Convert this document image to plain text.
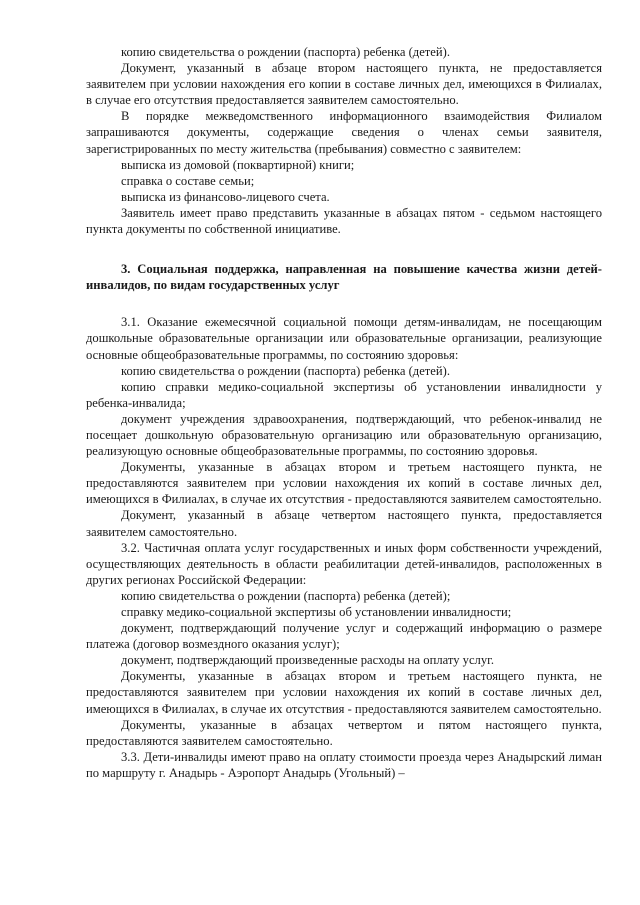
копию свидетельства о рождении (паспорта) ребенка (детей).

Документ, указанный в абзаце втором настоящего пункта, не предоставляется заявителем при условии нахождения его копии в составе личных дел, имеющихся в Филиалах, в случае его отсутствия предоставляется заявителем самостоятельно.

В порядке межведомственного информационного взаимодействия Филиалом запрашиваются документы, содержащие сведения о членах семьи заявителя, зарегистрированных по месту жительства (пребывания) совместно с заявителем:

выписка из домовой (поквартирной) книги;

справка о составе семьи;

выписка из финансово-лицевого счета.

Заявитель имеет право представить указанные в абзацах пятом - седьмом настоящего пункта документы по собственной инициативе.

3. Социальная поддержка, направленная на повышение качества жизни детей-инвалидов, по видам государственных услуг

3.1. Оказание ежемесячной социальной помощи детям-инвалидам, не посещающим дошкольные образовательные организации или образовательные организации, реализующие основные общеобразовательные программы, по состоянию здоровья:

копию свидетельства о рождении (паспорта) ребенка (детей).

копию справки медико-социальной экспертизы об установлении инвалидности у ребенка-инвалида;

документ учреждения здравоохранения, подтверждающий, что ребенок-инвалид не посещает дошкольную образовательную организацию или образовательную организацию, реализующую основные общеобразовательные программы, по состоянию здоровья.

Документы, указанные в абзацах втором и третьем настоящего пункта, не предоставляются заявителем при условии нахождения их копий в составе личных дел, имеющихся в Филиалах, в случае их отсутствия - предоставляются заявителем самостоятельно.

Документ, указанный в абзаце четвертом настоящего пункта, предоставляется заявителем самостоятельно.

3.2. Частичная оплата услуг государственных и иных форм собственности учреждений, осуществляющих деятельность в области реабилитации детей-инвалидов, расположенных в других регионах Российской Федерации:

копию свидетельства о рождении (паспорта) ребенка (детей);

справку медико-социальной экспертизы об установлении инвалидности;

документ, подтверждающий получение услуг и содержащий информацию о размере платежа (договор возмездного оказания услуг);

документ, подтверждающий произведенные расходы на оплату услуг.

Документы, указанные в абзацах втором и третьем настоящего пункта, не предоставляются заявителем при условии нахождения их копий в составе личных дел, имеющихся в Филиалах, в случае их отсутствия - предоставляются заявителем самостоятельно.

Документы, указанные в абзацах четвертом и пятом настоящего пункта, предоставляются заявителем самостоятельно.

3.3. Дети-инвалиды имеют право на оплату стоимости проезда через Анадырский лиман по маршруту г. Анадырь - Аэропорт Анадырь (Угольный) –
